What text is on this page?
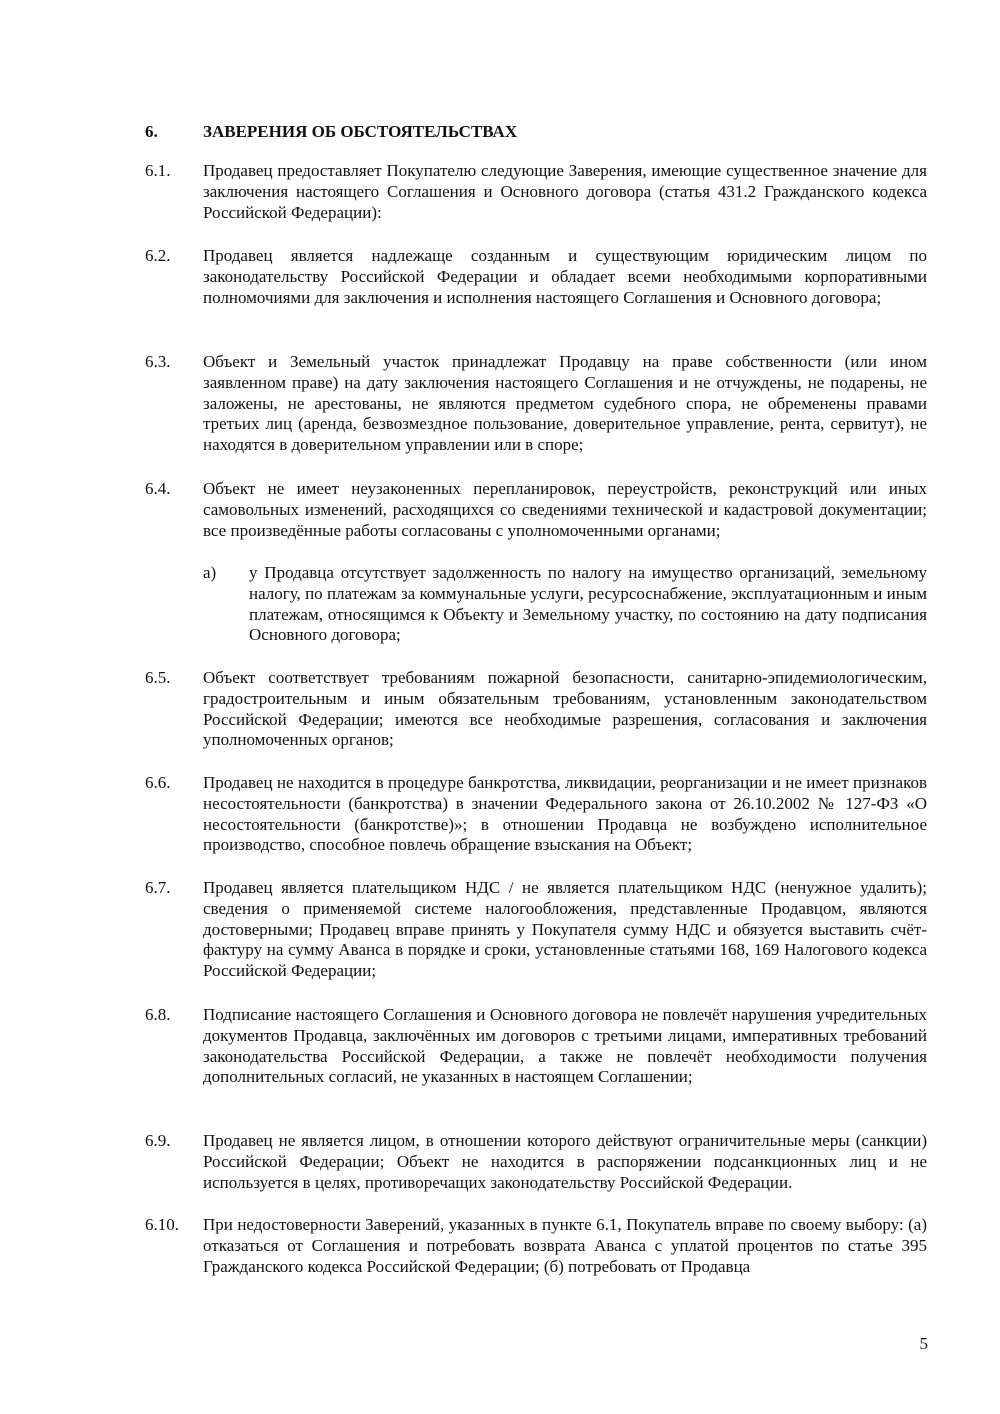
6.	ЗАВЕРЕНИЯ ОБ ОБСТОЯТЕЛЬСТВАХ
6.1. Продавец предоставляет Покупателю следующие Заверения, имеющие существенное значение для заключения настоящего Соглашения и Основного договора (статья 431.2 Гражданского кодекса Российской Федерации):
6.2. Продавец является надлежаще созданным и существующим юридическим лицом по законодательству Российской Федерации и обладает всеми необходимыми корпоративными полномочиями для заключения и исполнения настоящего Соглашения и Основного договора;
6.3. Объект и Земельный участок принадлежат Продавцу на праве собственности (или ином заявленном праве) на дату заключения настоящего Соглашения и не отчуждены, не подарены, не заложены, не арестованы, не являются предметом судебного спора, не обременены правами третьих лиц (аренда, безвозмездное пользование, доверительное управление, рента, сервитут), не находятся в доверительном управлении или в споре;
6.4. Объект не имеет неузаконенных перепланировок, переустройств, реконструкций или иных самовольных изменений, расходящихся со сведениями технической и кадастровой документации; все произведённые работы согласованы с уполномоченными органами;
a) у Продавца отсутствует задолженность по налогу на имущество организаций, земельному налогу, по платежам за коммунальные услуги, ресурсоснабжение, эксплуатационным и иным платежам, относящимся к Объекту и Земельному участку, по состоянию на дату подписания Основного договора;
6.5. Объект соответствует требованиям пожарной безопасности, санитарно-эпидемиологическим, градостроительным и иным обязательным требованиям, установленным законодательством Российской Федерации; имеются все необходимые разрешения, согласования и заключения уполномоченных органов;
6.6. Продавец не находится в процедуре банкротства, ликвидации, реорганизации и не имеет признаков несостоятельности (банкротства) в значении Федерального закона от 26.10.2002 № 127-ФЗ «О несостоятельности (банкротстве)»; в отношении Продавца не возбуждено исполнительное производство, способное повлечь обращение взыскания на Объект;
6.7. Продавец является плательщиком НДС / не является плательщиком НДС (ненужное удалить); сведения о применяемой системе налогообложения, представленные Продавцом, являются достоверными; Продавец вправе принять у Покупателя сумму НДС и обязуется выставить счёт-фактуру на сумму Аванса в порядке и сроки, установленные статьями 168, 169 Налогового кодекса Российской Федерации;
6.8. Подписание настоящего Соглашения и Основного договора не повлечёт нарушения учредительных документов Продавца, заключённых им договоров с третьими лицами, императивных требований законодательства Российской Федерации, а также не повлечёт необходимости получения дополнительных согласий, не указанных в настоящем Соглашении;
6.9. Продавец не является лицом, в отношении которого действуют ограничительные меры (санкции) Российской Федерации; Объект не находится в распоряжении подсанкционных лиц и не используется в целях, противоречащих законодательству Российской Федерации.
6.10. При недостоверности Заверений, указанных в пункте 6.1, Покупатель вправе по своему выбору: (а) отказаться от Соглашения и потребовать возврата Аванса с уплатой процентов по статье 395 Гражданского кодекса Российской Федерации; (б) потребовать от Продавца
5
